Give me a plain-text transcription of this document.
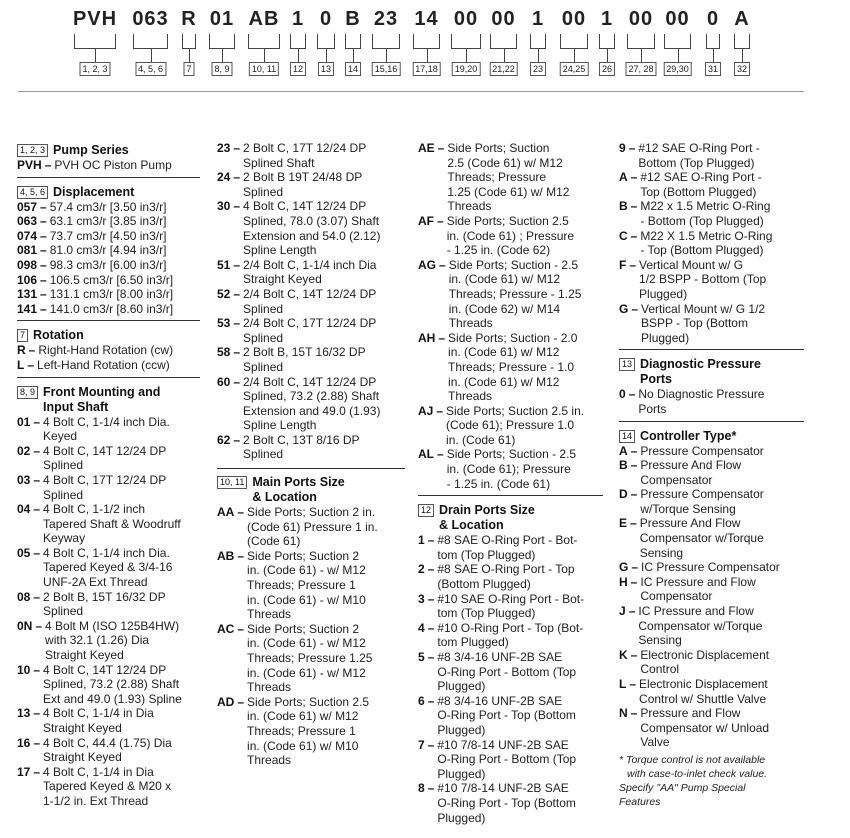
PVH
1, 2, 3
063
4, 5, 6
R
7
01
8, 9
AB
10, 11
1
12
0
13
B
14
23
15,16
14
17,18
00
19,20
00
21,22
1
23
00
24,25
1
26
00
27, 28
00
29,30
0
31
A
32
1, 2, 3 Pump Series
PVH – PVH OC Piston Pump
4, 5, 6 Displacement
057 – 57.4 cm3/r [3.50 in3/r]
063 – 63.1 cm3/r [3.85 in3/r]
074 – 73.7 cm3/r [4.50 in3/r]
081 – 81.0 cm3/r [4.94 in3/r]
098 – 98.3 cm3/r [6.00 in3/r]
106 – 106.5 cm3/r [6.50 in3/r]
131 – 131.1 cm3/r [8.00 in3/r]
141 – 141.0 cm3/r [8.60 in3/r]
7 Rotation
R – Right-Hand Rotation (cw)
L – Left-Hand Rotation (ccw)
8, 9 Front Mounting and
Input Shaft
01 – 4 Bolt C, 1-1/4 inch Dia.
Keyed
02 – 4 Bolt C, 14T 12/24 DP
Splined
03 – 4 Bolt C, 17T 12/24 DP
Splined
04 – 4 Bolt C, 1-1/2 inch
Tapered Shaft & Woodruff
Keyway
05 – 4 Bolt C, 1-1/4 inch Dia.
Tapered Keyed & 3/4-16
UNF-2A Ext Thread
08 – 2 Bolt B, 15T 16/32 DP
Splined
0N – 4 Bolt M (ISO 125B4HW)
with 32.1 (1.26) Dia
Straight Keyed
10 – 4 Bolt C, 14T 12/24 DP
Splined, 73.2 (2.88) Shaft
Ext and 49.0 (1.93) Spline
13 – 4 Bolt C, 1-1/4 in Dia
Straight Keyed
16 – 4 Bolt C, 44.4 (1.75) Dia
Straight Keyed
17 – 4 Bolt C, 1-1/4 in Dia
Tapered Keyed & M20 x
1-1/2 in. Ext Thread
23 – 2 Bolt C, 17T 12/24 DP
Splined Shaft
24 – 2 Bolt B 19T 24/48 DP
Splined
30 – 4 Bolt C, 14T 12/24 DP
Splined, 78.0 (3.07) Shaft
Extension and 54.0 (2.12)
Spline Length
51 – 2/4 Bolt C, 1-1/4 inch Dia
Straight Keyed
52 – 2/4 Bolt C, 14T 12/24 DP
Splined
53 – 2/4 Bolt C, 17T 12/24 DP
Splined
58 – 2 Bolt B, 15T 16/32 DP
Splined
60 – 2/4 Bolt C, 14T 12/24 DP
Splined, 73.2 (2.88) Shaft
Extension and 49.0 (1.93)
Spline Length
62 – 2 Bolt C, 13T 8/16 DP
Splined
10, 11 Main Ports Size
& Location
AA – Side Ports; Suction 2 in.
(Code 61) Pressure 1 in.
(Code 61)
AB – Side Ports; Suction 2
in. (Code 61) - w/ M12
Threads; Pressure 1
in. (Code 61) - w/ M10
Threads
AC – Side Ports; Suction 2
in. (Code 61) - w/ M12
Threads; Pressure 1.25
in. (Code 61) - w/ M12
Threads
AD – Side Ports; Suction 2.5
in. (Code 61) w/ M12
Threads; Pressure 1
in. (Code 61) w/ M10
Threads
AE – Side Ports; Suction
2.5 (Code 61) w/ M12
Threads; Pressure
1.25 (Code 61) w/ M12
Threads
AF – Side Ports; Suction 2.5
in. (Code 61) ; Pressure
- 1.25 in. (Code 62)
AG – Side Ports; Suction - 2.5
in. (Code 61) w/ M12
Threads; Pressure - 1.25
in. (Code 62) w/ M14
Threads
AH – Side Ports; Suction - 2.0
in. (Code 61) w/ M12
Threads; Pressure - 1.0
in. (Code 61) w/ M12
Threads
AJ – Side Ports; Suction 2.5 in.
(Code 61); Pressure 1.0
in. (Code 61)
AL – Side Ports; Suction - 2.5
in. (Code 61); Pressure
- 1.25 in. (Code 61)
12 Drain Ports Size
& Location
1 – #8 SAE O-Ring Port - Bot-
tom (Top Plugged)
2 – #8 SAE O-Ring Port - Top
(Bottom Plugged)
3 – #10 SAE O-Ring Port - Bot-
tom (Top Plugged)
4 – #10 O-Ring Port - Top (Bot-
tom Plugged)
5 – #8 3/4-16 UNF-2B SAE
O-Ring Port - Bottom (Top
Plugged)
6 – #8 3/4-16 UNF-2B SAE
O-Ring Port - Top (Bottom
Plugged)
7 – #10 7/8-14 UNF-2B SAE
O-Ring Port - Bottom (Top
Plugged)
8 – #10 7/8-14 UNF-2B SAE
O-Ring Port - Top (Bottom
Plugged)
9 – #12 SAE O-Ring Port -
Bottom (Top Plugged)
A – #12 SAE O-Ring Port -
Top (Bottom Plugged)
B – M22 x 1.5 Metric O-Ring
- Bottom (Top Plugged)
C – M22 X 1.5 Metric O-Ring
- Top (Bottom Plugged)
F – Vertical Mount w/ G
1/2 BSPP - Bottom (Top
Plugged)
G – Vertical Mount w/ G 1/2
BSPP - Top (Bottom
Plugged)
13 Diagnostic Pressure
Ports
0 – No Diagnostic Pressure
Ports
14 Controller Type*
A – Pressure Compensator
B – Pressure And Flow
Compensator
D – Pressure Compensator
w/Torque Sensing
E – Pressure And Flow
Compensator w/Torque
Sensing
G – IC Pressure Compensator
H – IC Pressure and Flow
Compensator
J – IC Pressure and Flow
Compensator w/Torque
Sensing
K – Electronic Displacement
Control
L – Electronic Displacement
Control w/ Shuttle Valve
N – Pressure and Flow
Compensator w/ Unload
Valve
* Torque control is not available
with case-to-inlet check value.
Specify "AA" Pump Special
Features
